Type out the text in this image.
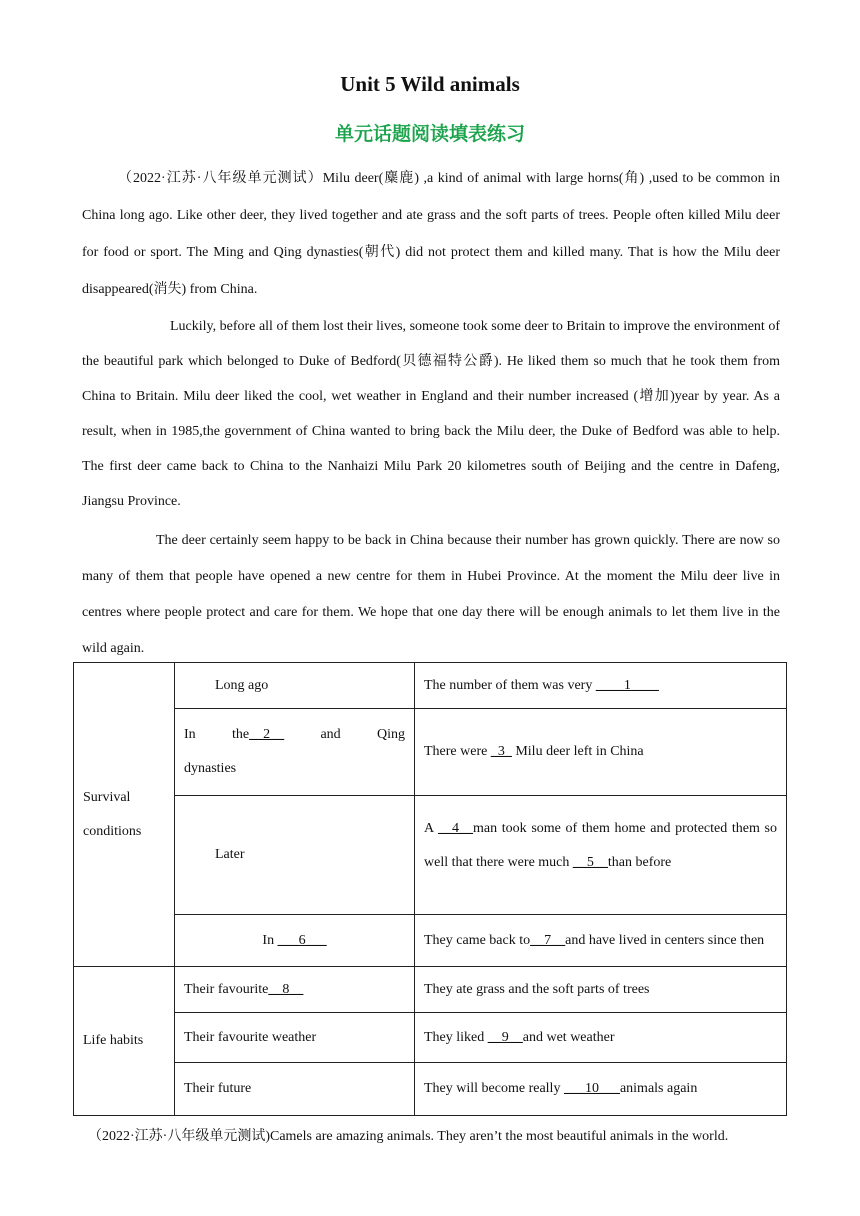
Unit 5 Wild animals
单元话题阅读填表练习

（2022·江苏·八年级单元测试）Milu deer(麋鹿) ,a kind of animal with large horns(角) ,used to be common in China long ago. Like other deer, they lived together and ate grass and the soft parts of trees. People often killed Milu deer for food or sport. The Ming and Qing dynasties(朝代) did not protect them and killed many. That is how the Milu deer disappeared(消失) from China.

Luckily, before all of them lost their lives, someone took some deer to Britain to improve the environment of the beautiful park which belonged to Duke of Bedford(贝德福特公爵). He liked them so much that he took them from China to Britain. Milu deer liked the cool, wet weather in England and their number increased (增加)year by year. As a result, when in 1985,the government of China wanted to bring back the Milu deer, the Duke of Bedford was able to help. The first deer came back to China to the Nanhaizi Milu Park 20 kilometres south of Beijing and the centre in Dafeng, Jiangsu Province.

The deer certainly seem happy to be back in China because their number has grown quickly. There are now so many of them that people have opened a new centre for them in Hubei Province. At the moment the Milu deer live in centres where people protect and care for them. We hope that one day there will be enough animals to let them live in the wild again.

Survival
conditions	Long ago	The number of them was very ____1____

	In the__2__ and Qing
dynasties	There were _3_ Milu deer left in China
	Later	A __4__man took some of them home and protected them so well that there were much __5__than before

	In ___6___	They came back to__7__and have lived in centers since then
Life habits	Their favourite__8__	They ate grass and the soft parts of trees
	Their favourite weather	They liked __9__and wet weather
	Their future	They will become really ___10___animals again

（2022·江苏·八年级单元测试)Camels are amazing animals. They aren’t the most beautiful animals in the world.
